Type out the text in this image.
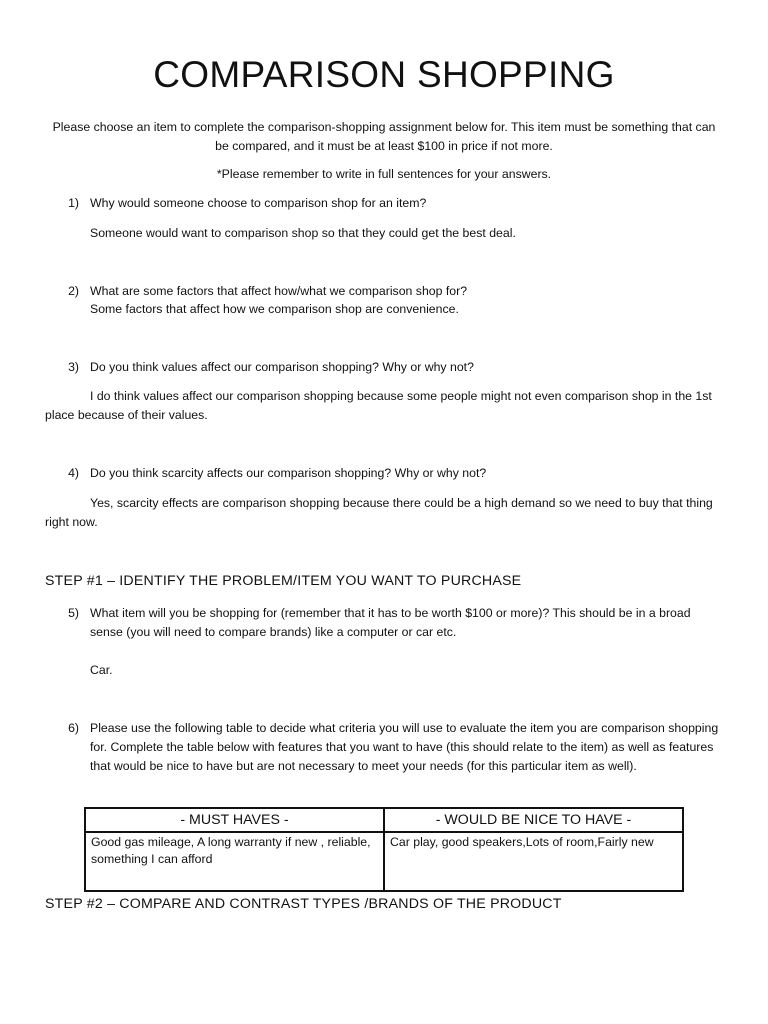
COMPARISON SHOPPING

Please choose an item to complete the comparison-shopping assignment below for. This item must be something that can be compared, and it must be at least $100 in price if not more.

*Please remember to write in full sentences for your answers.

1) Why would someone choose to comparison shop for an item?

Someone would want to comparison shop so that they could get the best deal.

2) What are some factors that affect how/what we comparison shop for?

Some factors that affect how we comparison shop are convenience.

3) Do you think values affect our comparison shopping? Why or why not?

I do think values affect our comparison shopping because some people might not even comparison shop in the 1st place because of their values.

4) Do you think scarcity affects our comparison shopping? Why or why not?

Yes, scarcity effects are comparison shopping because there could be a high demand so we need to buy that thing right now.

STEP #1 – IDENTIFY THE PROBLEM/ITEM YOU WANT TO PURCHASE

5) What item will you be shopping for (remember that it has to be worth $100 or more)? This should be in a broad sense (you will need to compare brands) like a computer or car etc.

Car.

6) Please use the following table to decide what criteria you will use to evaluate the item you are comparison shopping for. Complete the table below with features that you want to have (this should relate to the item) as well as features that would be nice to have but are not necessary to meet your needs (for this particular item as well).

- MUST HAVES -	- WOULD BE NICE TO HAVE -
Good gas mileage, A long warranty if new , reliable, something I can afford	Car play, good speakers,Lots of room,Fairly new

STEP #2 – COMPARE AND CONTRAST TYPES /BRANDS OF THE PRODUCT
